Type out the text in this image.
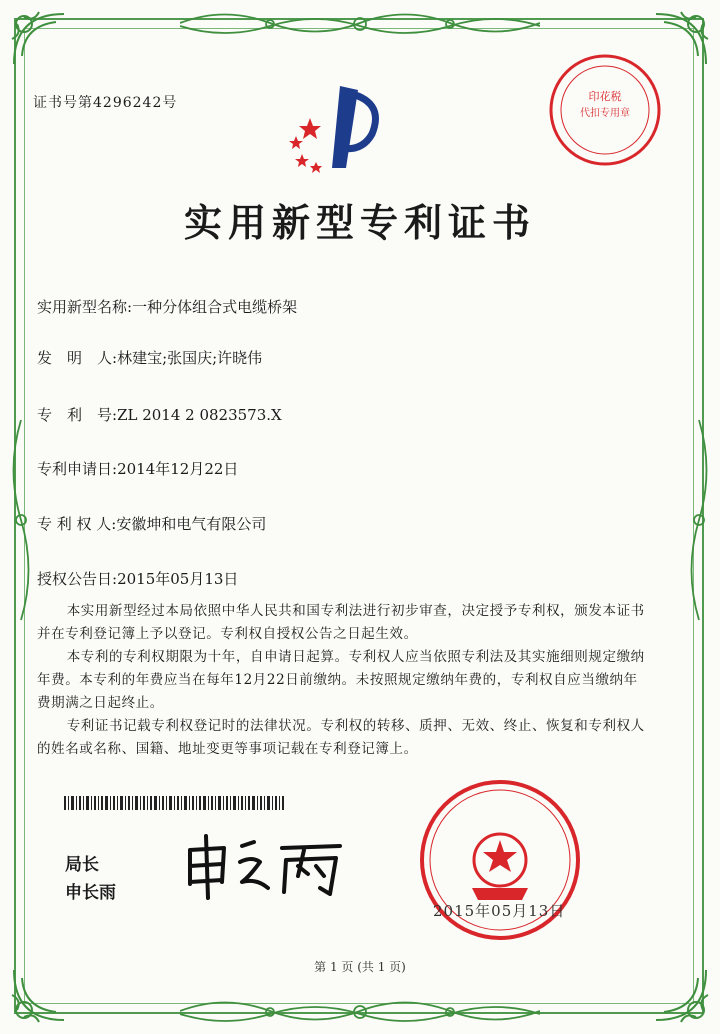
证书号第4296242号	印花税
代扣专用章
实用新型专利证书
实用新型名称:一种分体组合式电缆桥架
发　明　人:林建宝;张国庆;许晓伟
专　利　号:ZL 2014 2 0823573.X
专利申请日:2014年12月22日
专 利 权 人:安徽坤和电气有限公司
授权公告日:2015年05月13日

本实用新型经过本局依照中华人民共和国专利法进行初步审查，决定授予专利权，颁发本证书并在专利登记簿上予以登记。专利权自授权公告之日起生效。

本专利的专利权期限为十年，自申请日起算。专利权人应当依照专利法及其实施细则规定缴纳年费。本专利的年费应当在每年12月22日前缴纳。未按照规定缴纳年费的，专利权自应当缴纳年费期满之日起终止。

专利证书记载专利权登记时的法律状况。专利权的转移、质押、无效、终止、恢复和专利权人的姓名或名称、国籍、地址变更等事项记载在专利登记簿上。

局长
申长雨
2015年05月13日
第 1 页 (共 1 页)
